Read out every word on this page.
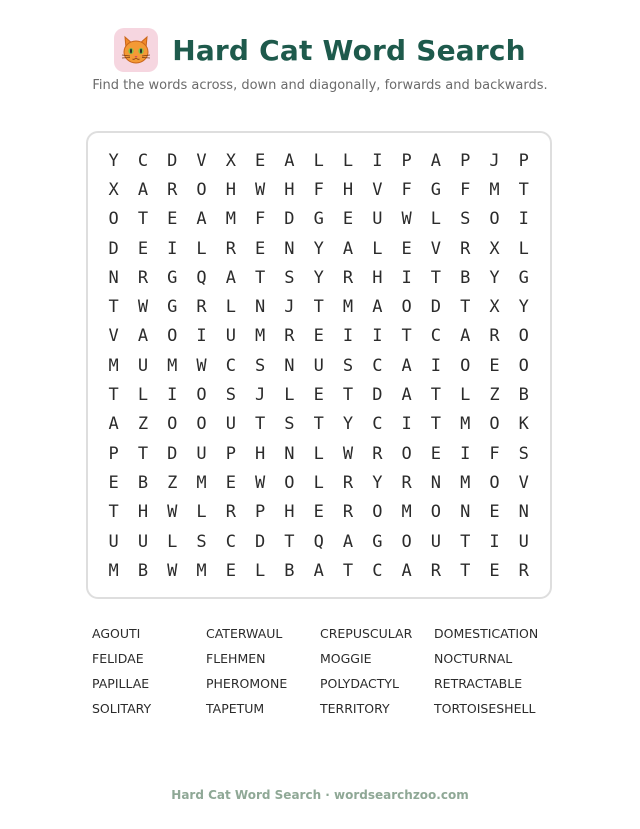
Hard Cat Word Search
Find the words across, down and diagonally, forwards and backwards.
Y	C	D	V	X	E	A	L	L	I	P	A	P	J	P
X	A	R	O	H	W	H	F	H	V	F	G	F	M	T
O	T	E	A	M	F	D	G	E	U	W	L	S	O	I
D	E	I	L	R	E	N	Y	A	L	E	V	R	X	L
N	R	G	Q	A	T	S	Y	R	H	I	T	B	Y	G
T	W	G	R	L	N	J	T	M	A	O	D	T	X	Y
V	A	O	I	U	M	R	E	I	I	T	C	A	R	O
M	U	M	W	C	S	N	U	S	C	A	I	O	E	O
T	L	I	O	S	J	L	E	T	D	A	T	L	Z	B
A	Z	O	O	U	T	S	T	Y	C	I	T	M	O	K
P	T	D	U	P	H	N	L	W	R	O	E	I	F	S
E	B	Z	M	E	W	O	L	R	Y	R	N	M	O	V
T	H	W	L	R	P	H	E	R	O	M	O	N	E	N
U	U	L	S	C	D	T	Q	A	G	O	U	T	I	U
M	B	W	M	E	L	B	A	T	C	A	R	T	E	R
AGOUTI	CATERWAUL	CREPUSCULAR	DOMESTICATION
FELIDAE	FLEHMEN	MOGGIE	NOCTURNAL
PAPILLAE	PHEROMONE	POLYDACTYL	RETRACTABLE
SOLITARY	TAPETUM	TERRITORY	TORTOISESHELL
Hard Cat Word Search · wordsearchzoo.com
